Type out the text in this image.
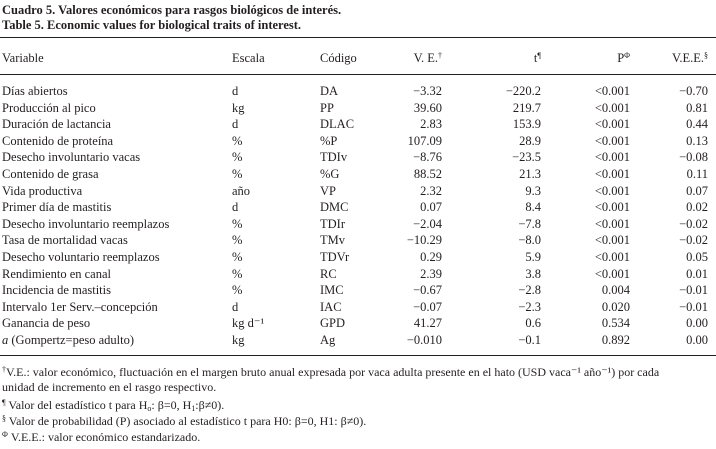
Cuadro 5. Valores económicos para rasgos biológicos de interés.
Table 5. Economic values for biological traits of interest.
Variable	Escala	Código	V. E.†	t¶	$P^\Phi$	V.E.E.§
Días abiertos	d	DA	−3.32	−220.2	<0.001	−0.70
Producción al pico	kg	PP	39.60	219.7	<0.001	0.81
Duración de lactancia	d	DLAC	2.83	153.9	<0.001	0.44
Contenido de proteína	%	%P	107.09	28.9	<0.001	0.13
Desecho involuntario vacas	%	TDIv	−8.76	−23.5	<0.001	−0.08
Contenido de grasa	%	%G	88.52	21.3	<0.001	0.11
Vida productiva	año	VP	2.32	9.3	<0.001	0.07
Primer día de mastitis	d	DMC	0.07	8.4	<0.001	0.02
Desecho involuntario reemplazos	%	TDIr	−2.04	−7.8	<0.001	−0.02
Tasa de mortalidad vacas	%	TMv	−10.29	−8.0	<0.001	−0.02
Desecho voluntario reemplazos	%	TDVr	0.29	5.9	<0.001	0.05
Rendimiento en canal	%	RC	2.39	3.8	<0.001	0.01
Incidencia de mastitis	%	IMC	−0.67	−2.8	0.004	−0.01
Intervalo 1er Serv.–concepción	d	IAC	−0.07	−2.3	0.020	−0.01
Ganancia de peso	kg d⁻¹	GPD	41.27	0.6	0.534	0.00
a (Gompertz=peso adulto)	kg	Ag	−0.010	−0.1	0.892	0.00
†V.E.: valor económico, fluctuación en el margen bruto anual expresada por vaca adulta presente en el hato (USD vaca⁻¹ año⁻¹) por cada
unidad de incremento en el rasgo respectivo.
¶ Valor del estadístico t para $H_o$: β=0, $H_1:\beta\ne 0$).
§ Valor de probabilidad (P) asociado al estadístico t para H0: β=0, H1: β≠0).
$^\Phi$ V.E.E.: valor económico estandarizado.
